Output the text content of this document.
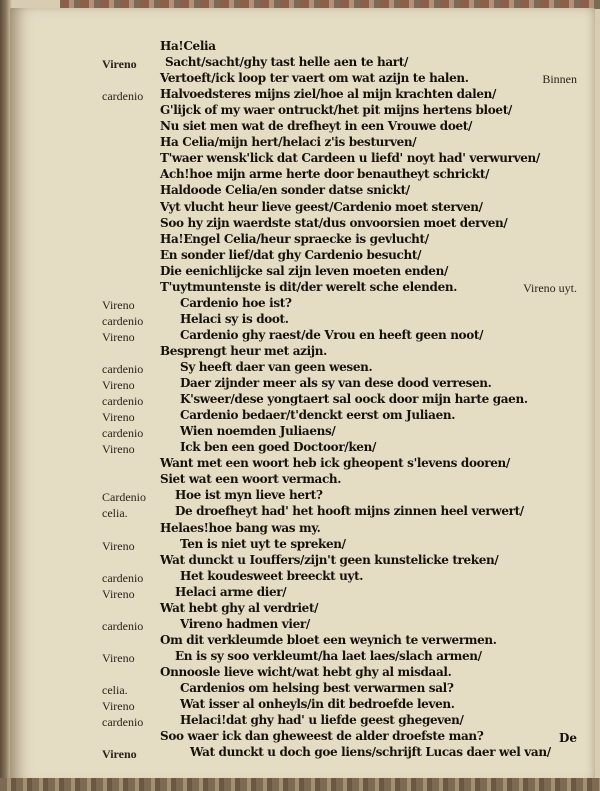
Ha!Celia
Vireno Sacht/sacht/ghy tast helle aen te hart/
Vertoeft/ick loop ter vaert om wat azijn te halen.	Binnen
cardenio Halvoedsteres mijns ziel/hoe al mijn krachten dalen/
G'lijck of my waer ontruckt/het pit mijns hertens bloet/
Nu siet men wat de drefheyt in een Vrouwe doet/
Ha Celia/mijn hert/helaci z'is besturven/
T'waer wensk'lick dat Cardeen u liefd' noyt had' verwurven/
Ach!hoe mijn arme herte door benautheyt schrickt/
Haldoode Celia/en sonder datse snickt/
Vyt vlucht heur lieve geest/Cardenio moet sterven/
Soo hy zijn waerdste stat/dus onvoorsien moet derven/
Ha!Engel Celia/heur spraecke is gevlucht/
En sonder lief/dat ghy Cardenio besucht/
Die eenichlijcke sal zijn leven moeten enden/
T'uytmuntenste is dit/der werelt sche elenden.	Vireno uyt.
Vireno	Cardenio hoe ist?
cardenio	Helaci sy is doot.
Vireno	Cardenio ghy raest/de Vrou en heeft geen noot/
Besprengt heur met azijn.
cardenio	Sy heeft daer van geen wesen.
Vireno	Daer zijnder meer als sy van dese dood verresen.
cardenio	K'sweer/dese yongtaert sal oock door mijn harte gaen.
Vireno	Cardenio bedaer/t'denckt eerst om Juliaen.
cardenio	Wien noemden Juliaens/
Vireno	Ick ben een goed Doctoor/ken/
Want met een woort heb ick gheopent s'levens dooren/
Siet wat een woort vermach.
Cardenio Hoe ist myn lieve hert?
celia.	De droefheyt had' het hooft mijns zinnen heel verwert/
Helaes!hoe bang was my.
Vireno	Ten is niet uyt te spreken/
Wat dunckt u Iouffers/zijn't geen kunstelicke treken/
cardenio	Het koudesweet breeckt uyt.
Vireno	Helaci arme dier/
Wat hebt ghy al verdriet/
cardenio	Vireno hadmen vier/
Om dit verkleumde bloet een weynich te verwermen.
Vireno	En is sy soo verkleumt/ha laet laes/slach armen/
Onnoosle lieve wicht/wat hebt ghy al misdaal.
celia.	Cardenios om helsing best verwarmen sal?
Vireno	Wat isser al onheyls/in dit bedroefde leven.
cardenio	Helaci!dat ghy had' u liefde geest ghegeven/
Soo waer ick dan gheweest de alder droefste man?
Vireno	Wat dunckt u doch goe liens/schrijft Lucas daer wel van/
De
